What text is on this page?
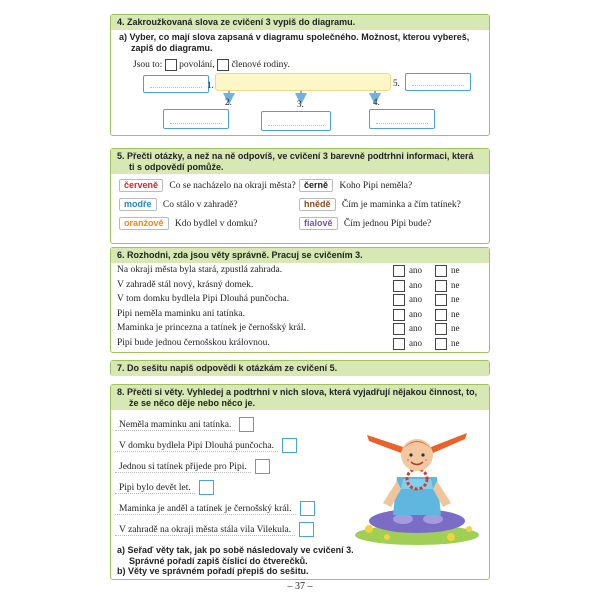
4. Zakroužkovaná slova ze cvičení 3 vypiš do diagramu.
a) Vyber, co mají slova zapsaná v diagramu společného. Možnost, kterou vybereš,
zapiš do diagramu.
Jsou to: povolání, členové rodiny.
1.	5.
2.	3.	4.
5. Přečti otázky, a než na ně odpovíš, ve cvičení 3 barevně podtrhni informaci, která
ti s odpovědí pomůže.
červeně Co se nacházelo na okraji města? černě Koho Pipi neměla?
modře Co stálo v zahradě?	hnědě Čím je maminka a čím tatínek?
oranžově Kdo bydlel v domku?	fialově Čím jednou Pipi bude?
6. Rozhodni, zda jsou věty správně. Pracuj se cvičením 3.
Na okraji města byla stará, zpustlá zahrada.	ano	ne
V zahradě stál nový, krásný domek.	ano	ne
V tom domku bydlela Pipi Dlouhá punčocha.	ano	ne
Pipi neměla maminku ani tatínka.	ano	ne
Maminka je princezna a tatínek je černošský král.	ano	ne
Pipi bude jednou černošskou královnou.	ano	ne
7. Do sešitu napiš odpovědi k otázkám ze cvičení 5.
8. Přečti si věty. Vyhledej a podtrhni v nich slova, která vyjadřují nějakou činnost, to,
že se něco děje nebo něco je.
Neměla maminku ani tatínka.
V domku bydlela Pipi Dlouhá punčocha.
Jednou si tatínek přijede pro Pipi.
Pipi bylo devět let.
Maminka je anděl a tatínek je černošský král.
V zahradě na okraji města stála vila Vilekula.
a) Seřaď věty tak, jak po sobě následovaly ve cvičení 3.
Správné pořadí zapiš číslicí do čtverečků.
b) Věty ve správném pořadí přepiš do sešitu.
– 37 –
